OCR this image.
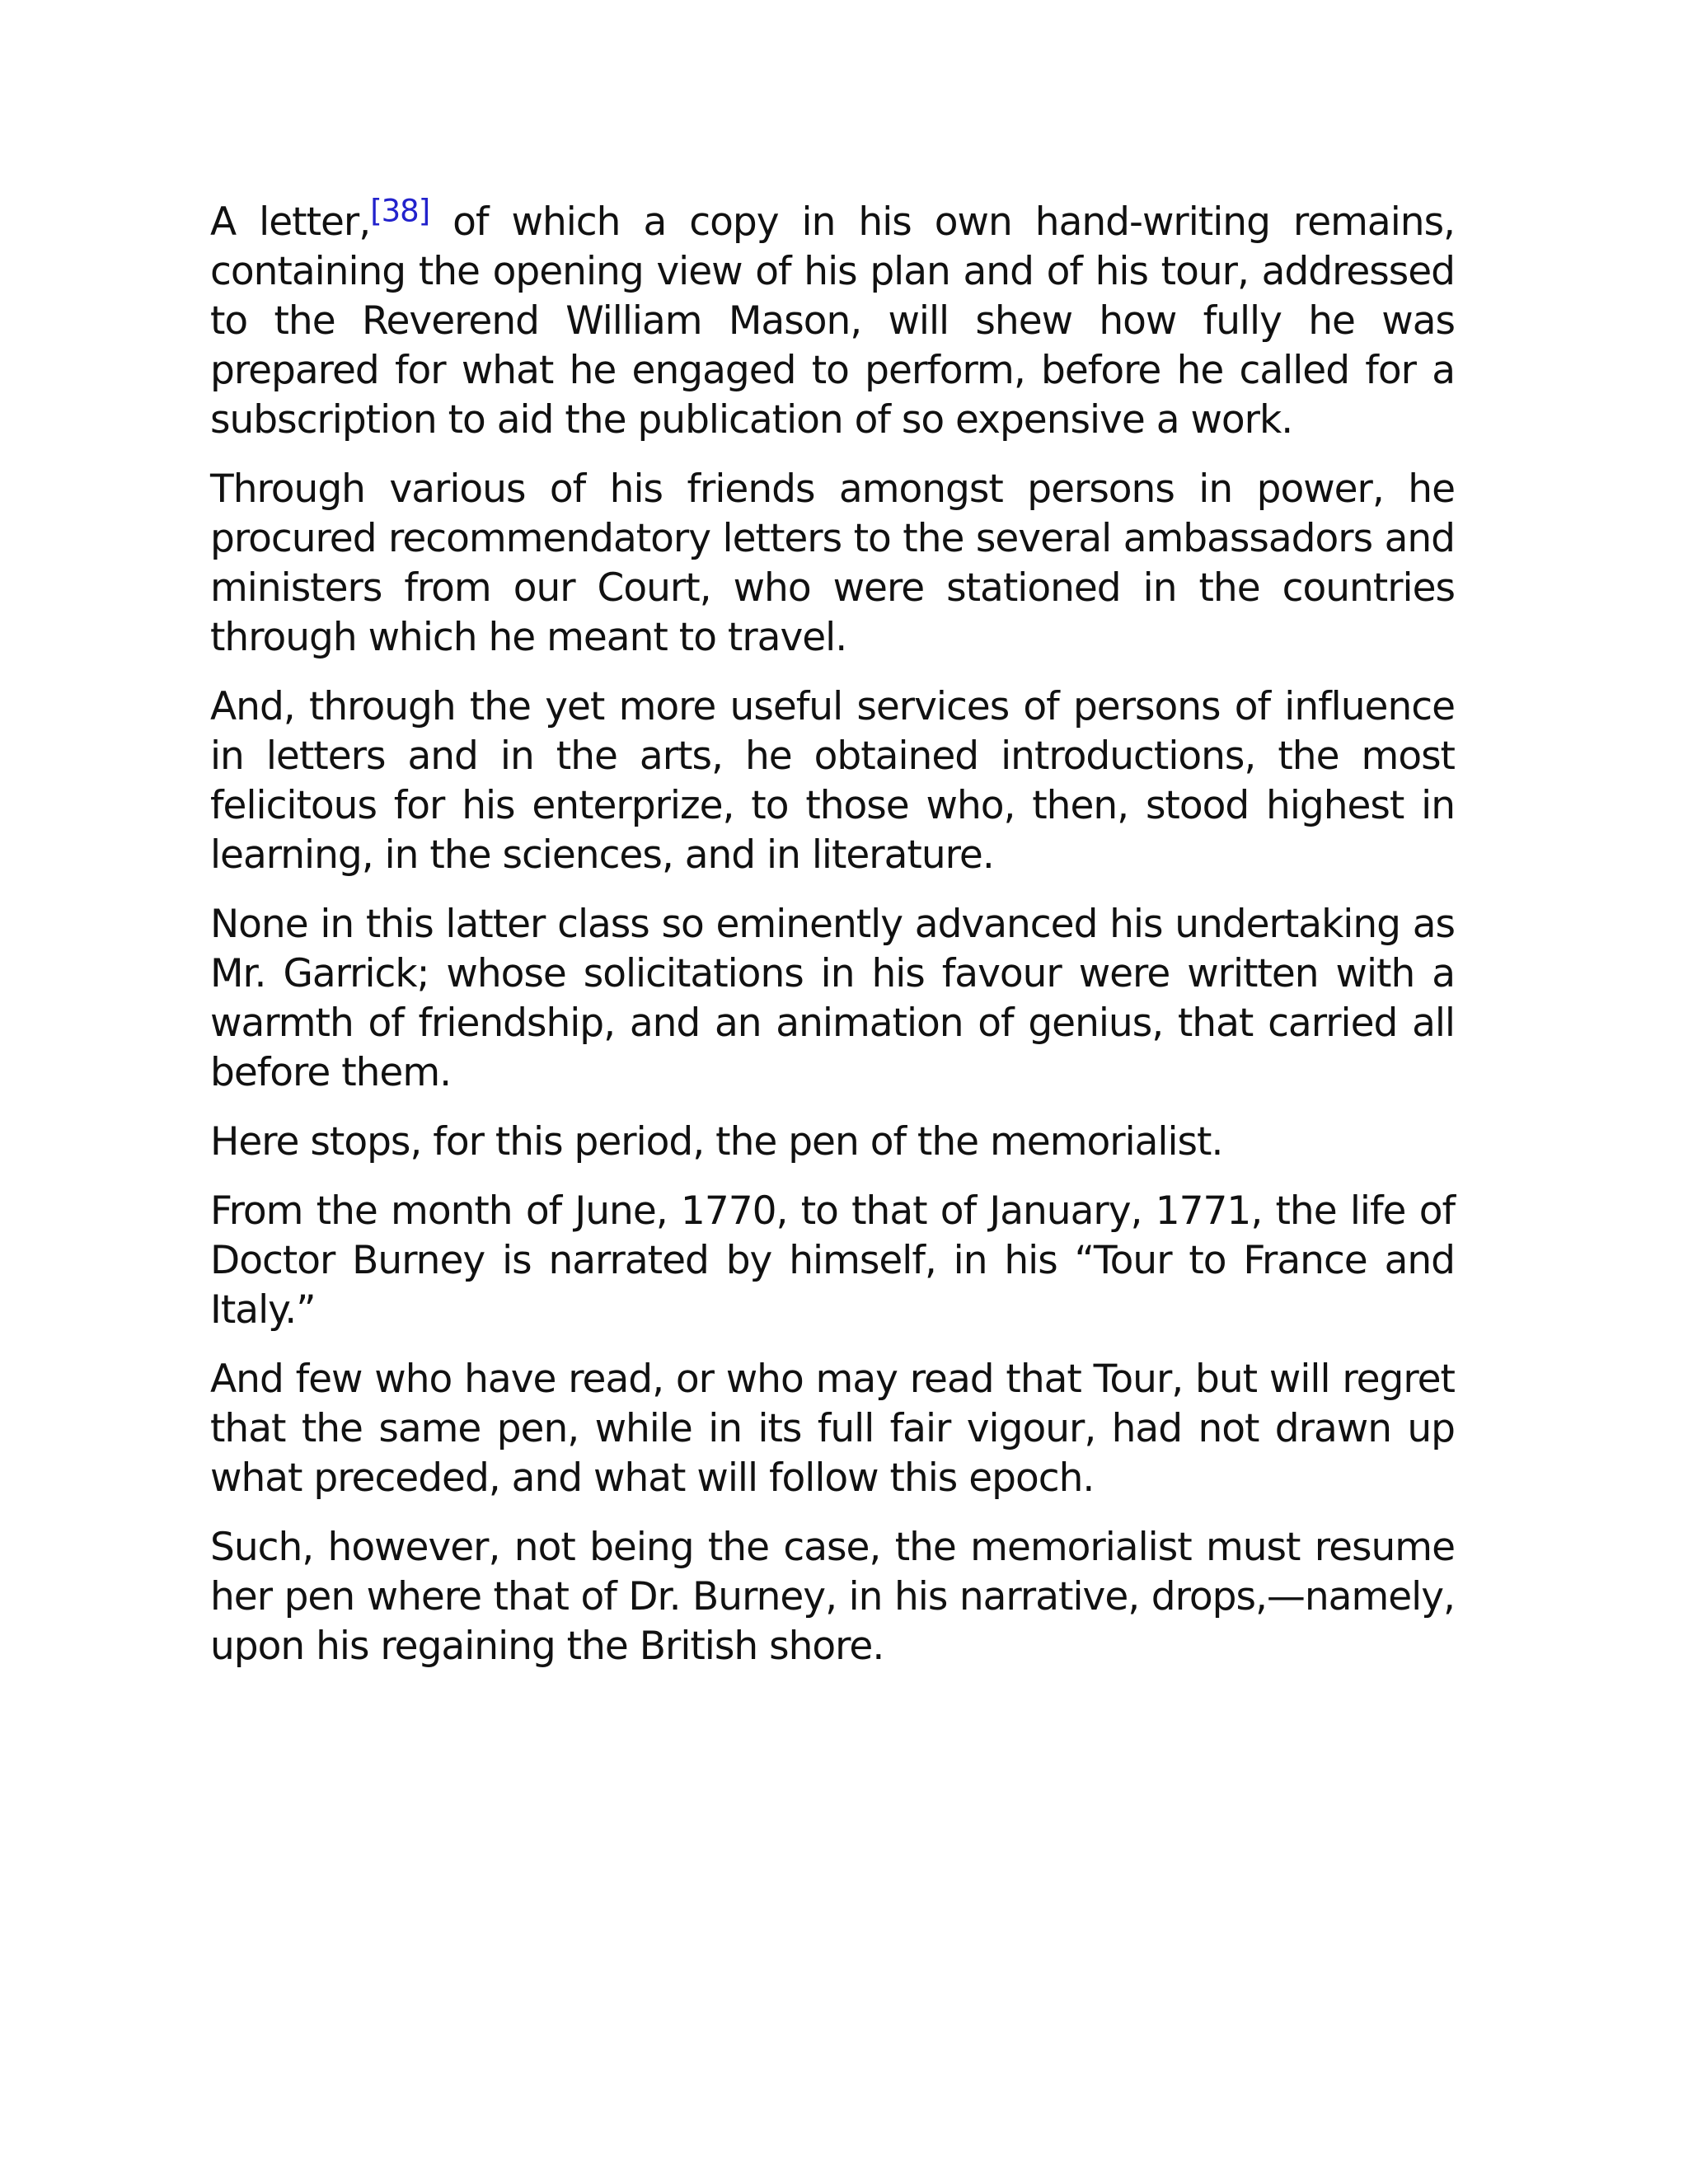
A letter,[38] of which a copy in his own hand-writing remains, containing the opening view of his plan and of his tour, addressed to the Reverend William Mason, will shew how fully he was prepared for what he engaged to perform, before he called for a subscription to aid the publication of so expensive a work.

Through various of his friends amongst persons in power, he procured recommendatory letters to the several ambassadors and ministers from our Court, who were stationed in the countries through which he meant to travel.

And, through the yet more useful services of persons of influence in letters and in the arts, he obtained introductions, the most felicitous for his enterprize, to those who, then, stood highest in learning, in the sciences, and in literature.

None in this latter class so eminently advanced his undertaking as Mr. Garrick; whose solicitations in his favour were written with a warmth of friendship, and an animation of genius, that carried all before them.

Here stops, for this period, the pen of the memorialist.

From the month of June, 1770, to that of January, 1771, the life of Doctor Burney is narrated by himself, in his “Tour to France and Italy.”

And few who have read, or who may read that Tour, but will regret that the same pen, while in its full fair vigour, had not drawn up what preceded, and what will follow this epoch.

Such, however, not being the case, the memorialist must resume her pen where that of Dr. Burney, in his narrative, drops,—namely, upon his regaining the British shore.
